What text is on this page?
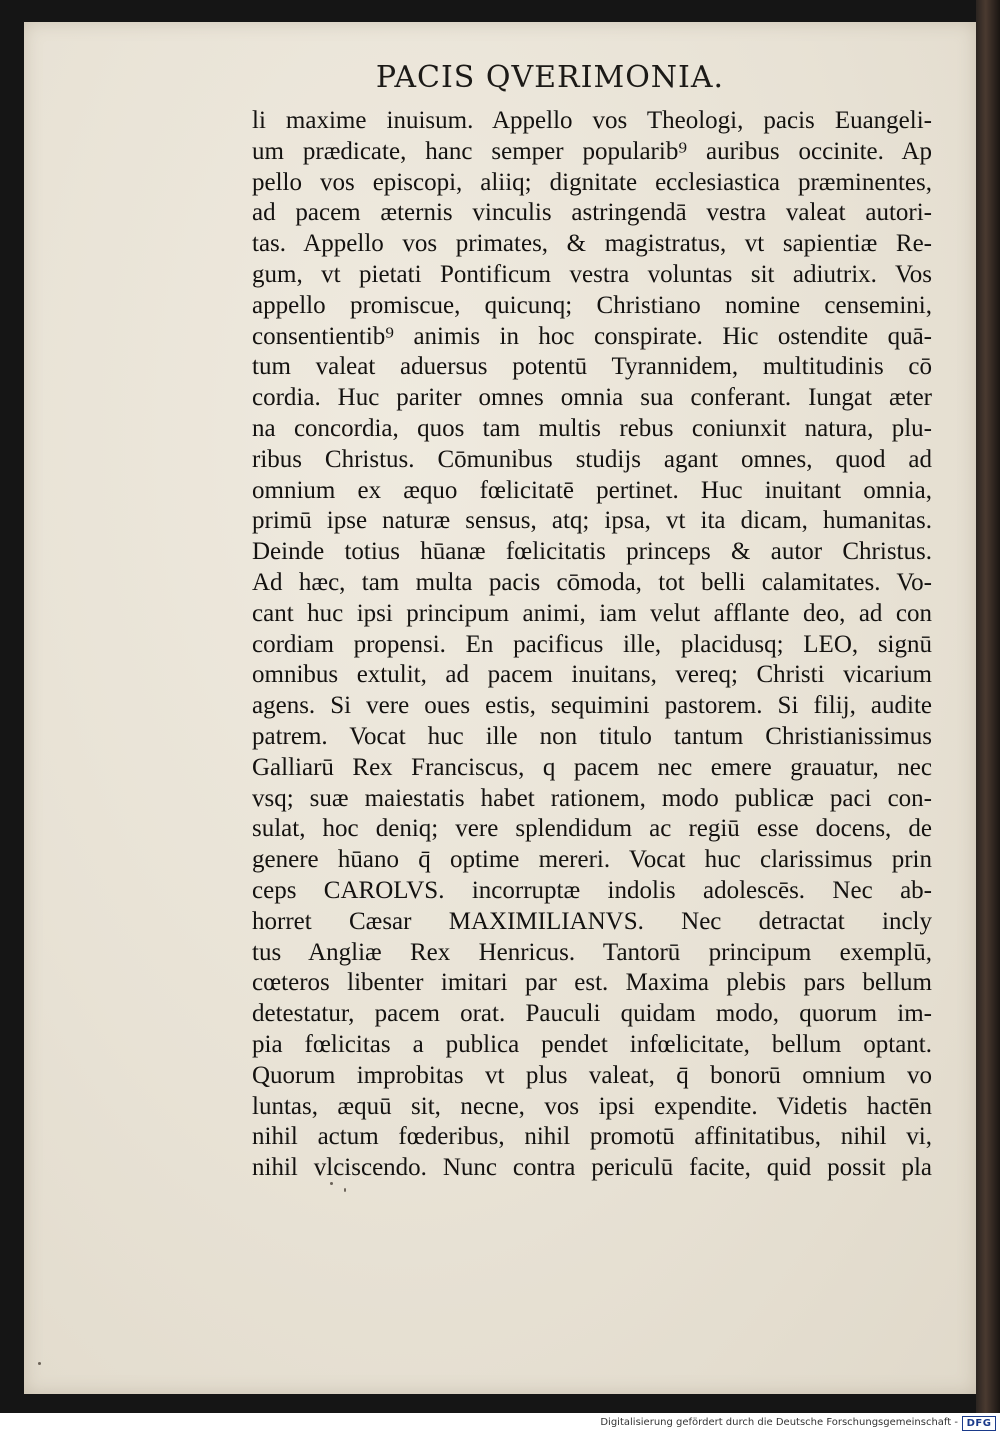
PACIS QVERIMONIA.
li maxime inuisum. Appello vos Theologi, pacis Euangeli-
um prædicate, hanc semper popularib⁹ auribus occinite. Ap
pello vos episcopi, aliiq; dignitate ecclesiastica præminentes,
ad pacem æternis vinculis astringendā vestra valeat autori-
tas. Appello vos primates, & magistratus, vt sapientiæ Re-
gum, vt pietati Pontificum vestra voluntas sit adiutrix. Vos
appello promiscue, quicunq; Christiano nomine censemini,
consentientib⁹ animis in hoc conspirate. Hic ostendite quā-
tum valeat aduersus potentū Tyrannidem, multitudinis cō
cordia. Huc pariter omnes omnia sua conferant. Iungat æter
na concordia, quos tam multis rebus coniunxit natura, plu-
ribus Christus. Cōmunibus studijs agant omnes, quod ad
omnium ex æquo fœlicitatē pertinet. Huc inuitant omnia,
primū ipse naturæ sensus, atq; ipsa, vt ita dicam, humanitas.
Deinde totius hūanæ fœlicitatis princeps & autor Christus.
Ad hæc, tam multa pacis cōmoda, tot belli calamitates. Vo-
cant huc ipsi principum animi, iam velut afflante deo, ad con
cordiam propensi. En pacificus ille, placidusq; LEO, signū
omnibus extulit, ad pacem inuitans, vereq; Christi vicarium
agens. Si vere oues estis, sequimini pastorem. Si filij, audite
patrem. Vocat huc ille non titulo tantum Christianissimus
Galliarū Rex Franciscus, q pacem nec emere grauatur, nec
vsq; suæ maiestatis habet rationem, modo publicæ paci con-
sulat, hoc deniq; vere splendidum ac regiū esse docens, de
genere hūano q̄ optime mereri. Vocat huc clarissimus prin
ceps CAROLVS. incorruptæ indolis adolescēs. Nec ab-
horret Cæsar MAXIMILIANVS. Nec detractat incly
tus Angliæ Rex Henricus. Tantorū principum exemplū,
cœteros libenter imitari par est. Maxima plebis pars bellum
detestatur, pacem orat. Pauculi quidam modo, quorum im-
pia fœlicitas a publica pendet infœlicitate, bellum optant.
Quorum improbitas vt plus valeat, q̄ bonorū omnium vo
luntas, æquū sit, necne, vos ipsi expendite. Videtis hactēn
nihil actum fœderibus, nihil promotū affinitatibus, nihil vi,
nihil vlciscendo. Nunc contra periculū facite, quid possit pla
Digitalisierung gefördert durch die Deutsche Forschungsgemeinschaft - DFG
